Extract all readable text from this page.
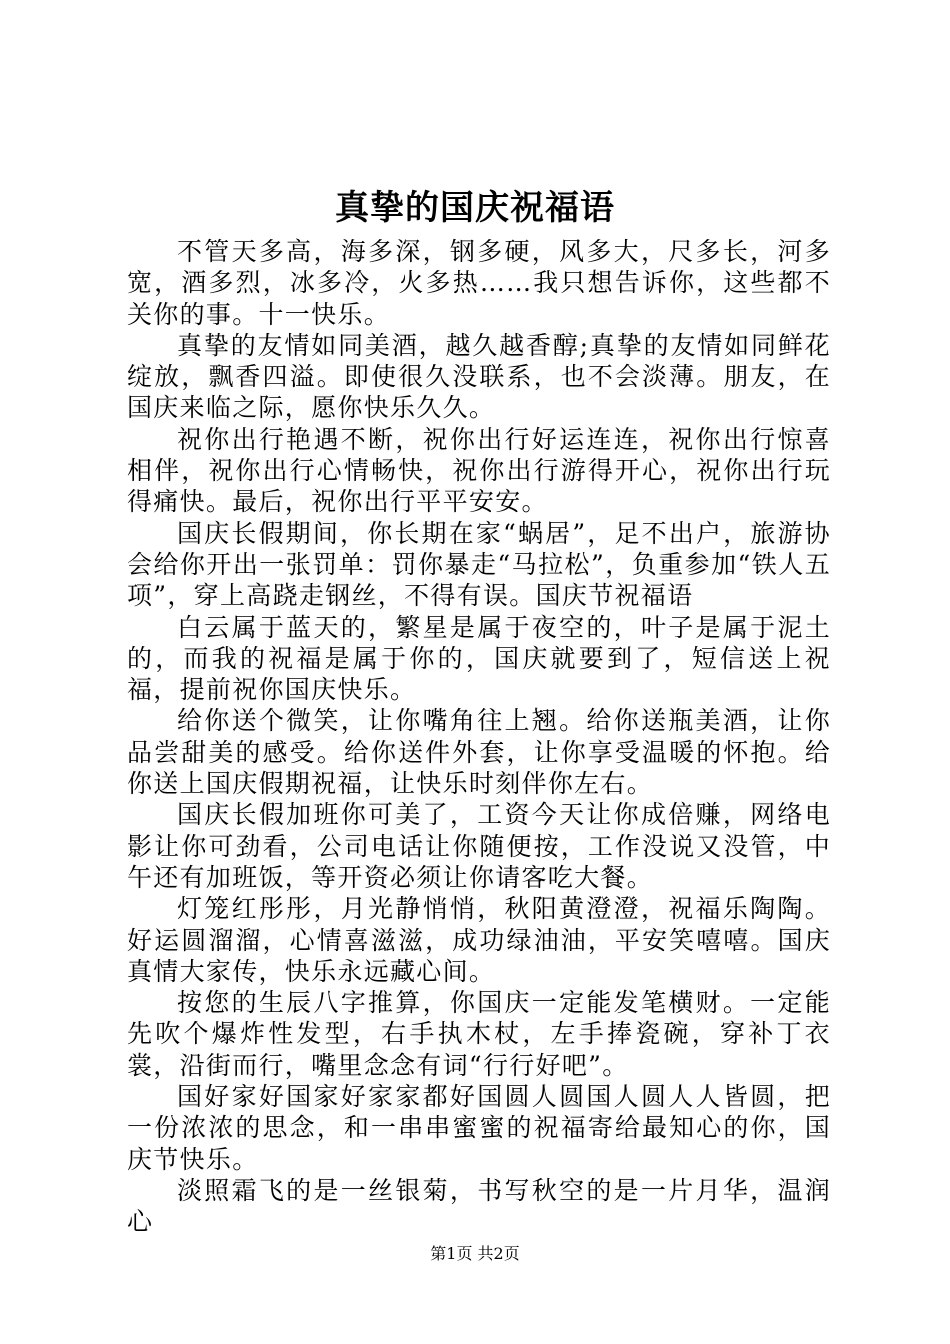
真挚的国庆祝福语

不管天多高，海多深，钢多硬，风多大，尺多长，河多宽，酒多烈，冰多冷，火多热……我只想告诉你，这些都不关你的事。十一快乐。

真挚的友情如同美酒，越久越香醇;真挚的友情如同鲜花绽放，飘香四溢。即使很久没联系，也不会淡薄。朋友，在国庆来临之际，愿你快乐久久。

祝你出行艳遇不断，祝你出行好运连连，祝你出行惊喜相伴，祝你出行心情畅快，祝你出行游得开心，祝你出行玩得痛快。最后，祝你出行平平安安。

国庆长假期间，你长期在家“蜗居”，足不出户，旅游协会给你开出一张罚单：罚你暴走“马拉松”，负重参加“铁人五项”，穿上高跷走钢丝，不得有误。国庆节祝福语

白云属于蓝天的，繁星是属于夜空的，叶子是属于泥土的，而我的祝福是属于你的，国庆就要到了，短信送上祝福，提前祝你国庆快乐。

给你送个微笑，让你嘴角往上翘。给你送瓶美酒，让你品尝甜美的感受。给你送件外套，让你享受温暖的怀抱。给你送上国庆假期祝福，让快乐时刻伴你左右。

国庆长假加班你可美了，工资今天让你成倍赚，网络电影让你可劲看，公司电话让你随便按，工作没说又没管，中午还有加班饭，等开资必须让你请客吃大餐。

灯笼红彤彤，月光静悄悄，秋阳黄澄澄，祝福乐陶陶。好运圆溜溜，心情喜滋滋，成功绿油油，平安笑嘻嘻。国庆真情大家传，快乐永远藏心间。

按您的生辰八字推算，你国庆一定能发笔横财。一定能先吹个爆炸性发型，右手执木杖，左手捧瓷碗，穿补丁衣裳，沿街而行，嘴里念念有词“行行好吧”。

国好家好国家好家家都好国圆人圆国人圆人人皆圆，把一份浓浓的思念，和一串串蜜蜜的祝福寄给最知心的你，国庆节快乐。

淡照霜飞的是一丝银菊，书写秋空的是一片月华，温润心

第1页 共2页
